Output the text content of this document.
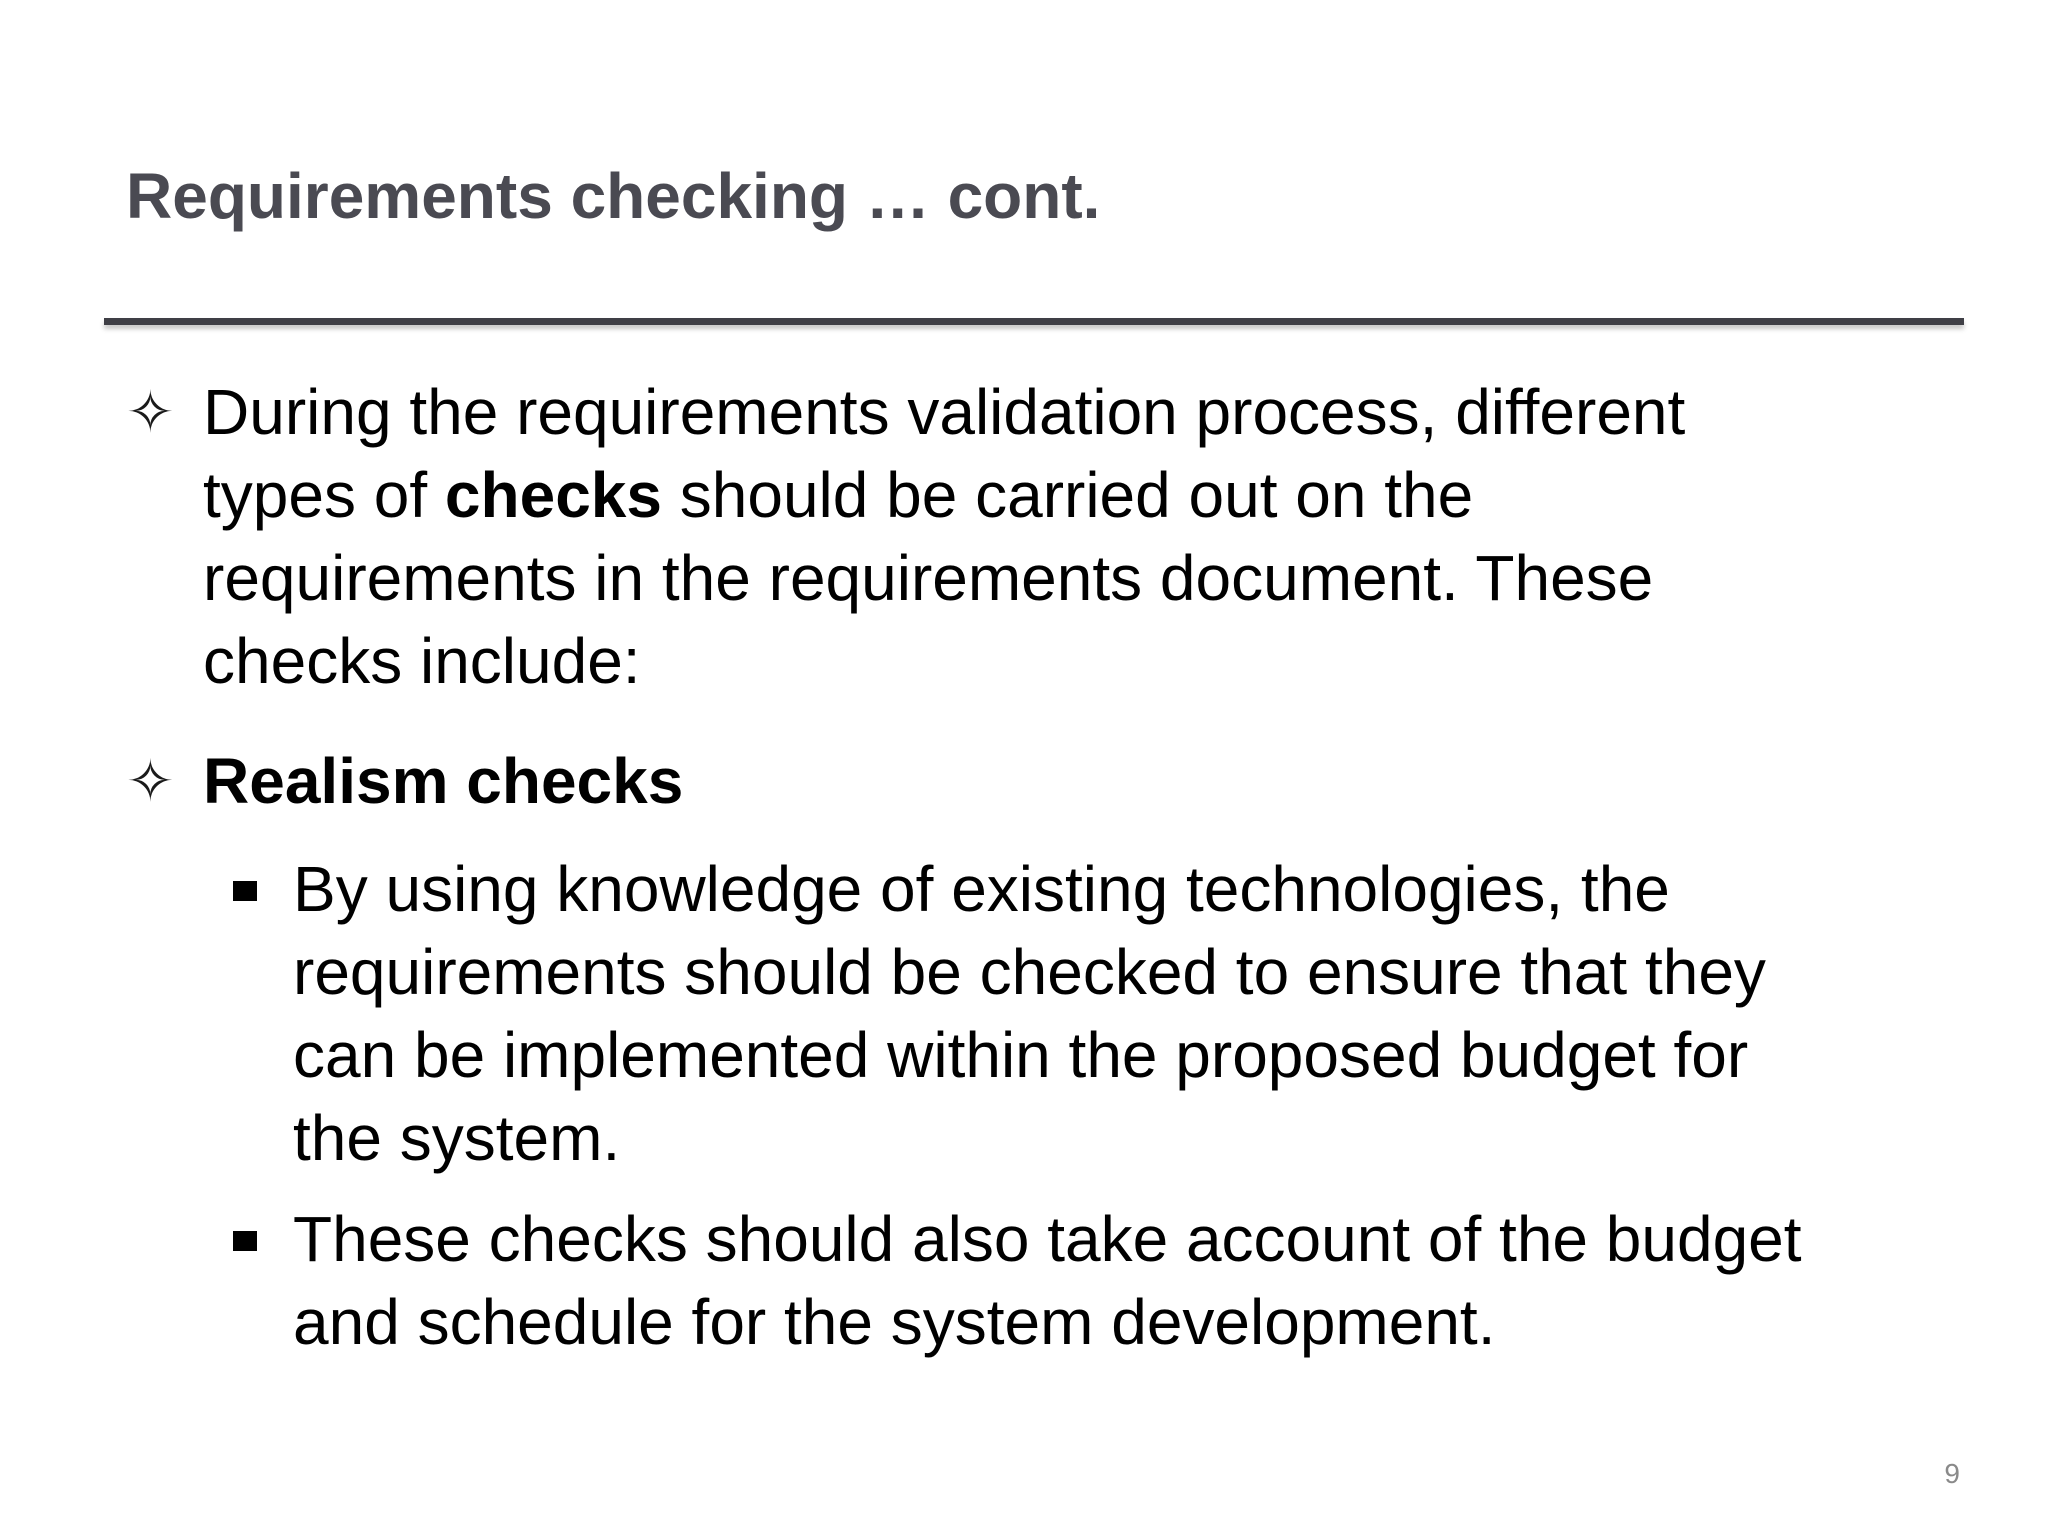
Requirements checking … cont.
✧ During the requirements validation process, different
types of checks should be carried out on the
requirements in the requirements document. These
checks include:
✧ Realism checks
By using knowledge of existing technologies, the
requirements should be checked to ensure that they
can be implemented within the proposed budget for
the system.
These checks should also take account of the budget
and schedule for the system development.
9
